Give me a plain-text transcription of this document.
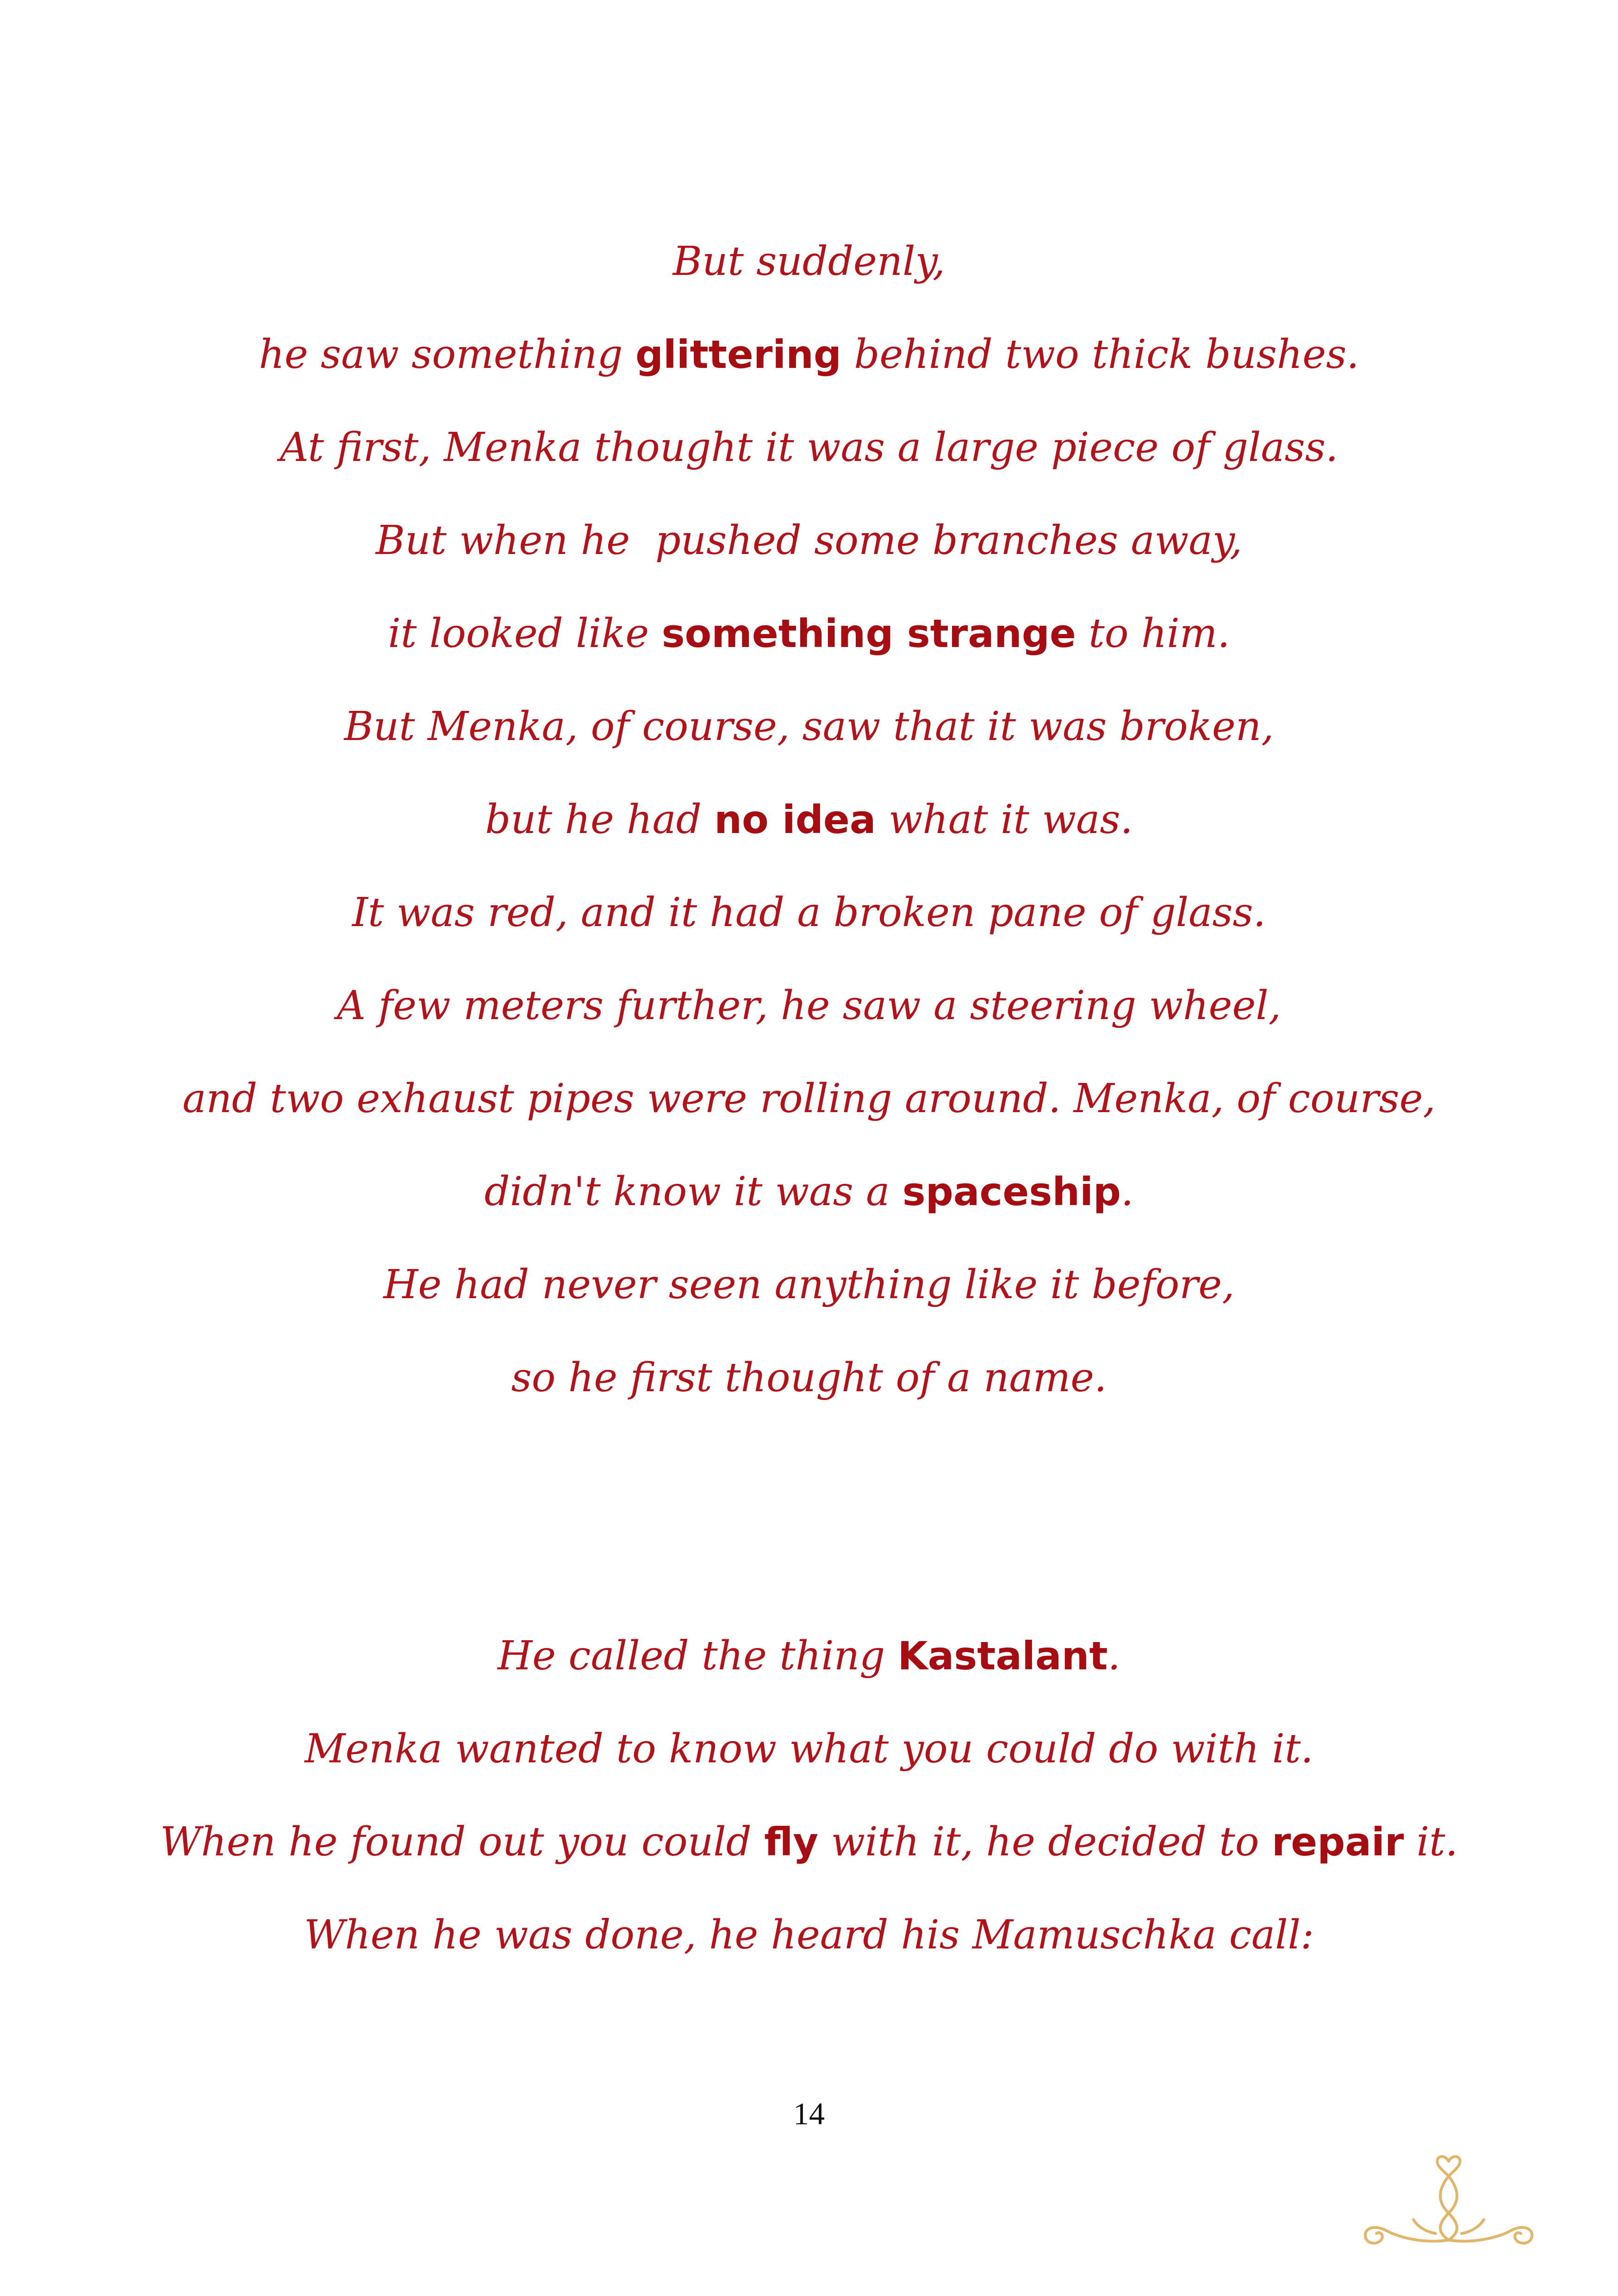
But suddenly,
he saw something glittering behind two thick bushes.
At first, Menka thought it was a large piece of glass.
But when he  pushed some branches away,
it looked like something strange to him.
But Menka, of course, saw that it was broken,
but he had no idea what it was.
It was red, and it had a broken pane of glass.
A few meters further, he saw a steering wheel,
and two exhaust pipes were rolling around. Menka, of course,
didn't know it was a spaceship.
He had never seen anything like it before,
so he first thought of a name.
He called the thing Kastalant.
Menka wanted to know what you could do with it.
When he found out you could fly with it, he decided to repair it.
When he was done, he heard his Mamuschka call:
14
